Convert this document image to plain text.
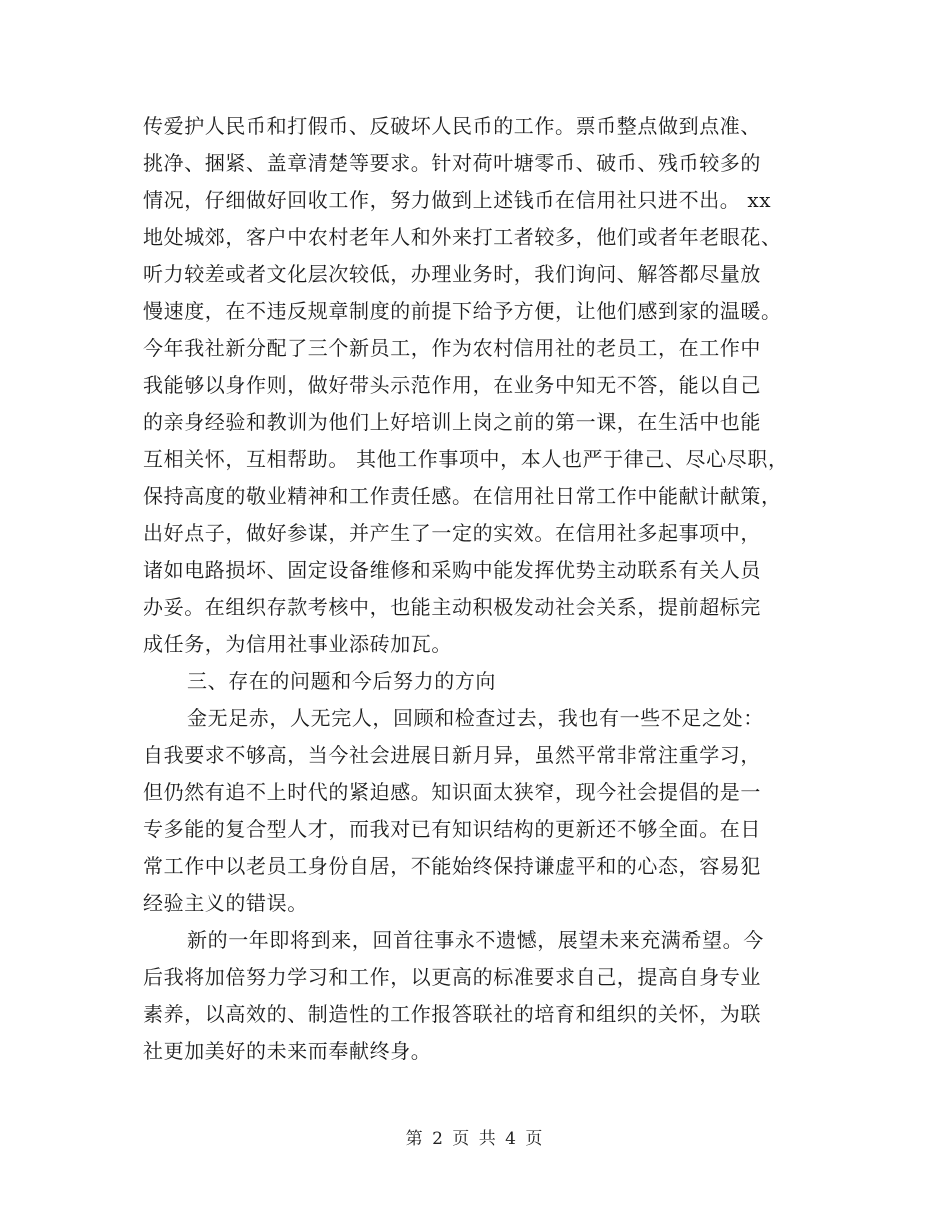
传爱护人民币和打假币、反破坏人民币的工作。票币整点做到点准、
挑净、捆紧、盖章清楚等要求。针对荷叶塘零币、破币、残币较多的
情况，仔细做好回收工作，努力做到上述钱币在信用社只进不出。 xx
地处城郊，客户中农村老年人和外来打工者较多，他们或者年老眼花、
听力较差或者文化层次较低，办理业务时，我们询问、解答都尽量放
慢速度，在不违反规章制度的前提下给予方便，让他们感到家的温暖。
今年我社新分配了三个新员工，作为农村信用社的老员工，在工作中
我能够以身作则，做好带头示范作用，在业务中知无不答，能以自己
的亲身经验和教训为他们上好培训上岗之前的第一课，在生活中也能
互相关怀，互相帮助。 其他工作事项中，本人也严于律己、尽心尽职，
保持高度的敬业精神和工作责任感。在信用社日常工作中能献计献策，
出好点子，做好参谋，并产生了一定的实效。在信用社多起事项中，
诸如电路损坏、固定设备维修和采购中能发挥优势主动联系有关人员
办妥。在组织存款考核中，也能主动积极发动社会关系，提前超标完
成任务，为信用社事业添砖加瓦。
三、存在的问题和今后努力的方向
金无足赤，人无完人，回顾和检查过去，我也有一些不足之处：
自我要求不够高，当今社会进展日新月异，虽然平常非常注重学习，
但仍然有追不上时代的紧迫感。知识面太狭窄，现今社会提倡的是一
专多能的复合型人才，而我对已有知识结构的更新还不够全面。在日
常工作中以老员工身份自居，不能始终保持谦虚平和的心态，容易犯
经验主义的错误。
新的一年即将到来，回首往事永不遗憾，展望未来充满希望。今
后我将加倍努力学习和工作，以更高的标准要求自己，提高自身专业
素养，以高效的、制造性的工作报答联社的培育和组织的关怀，为联
社更加美好的未来而奉献终身。
第 2 页 共 4 页
